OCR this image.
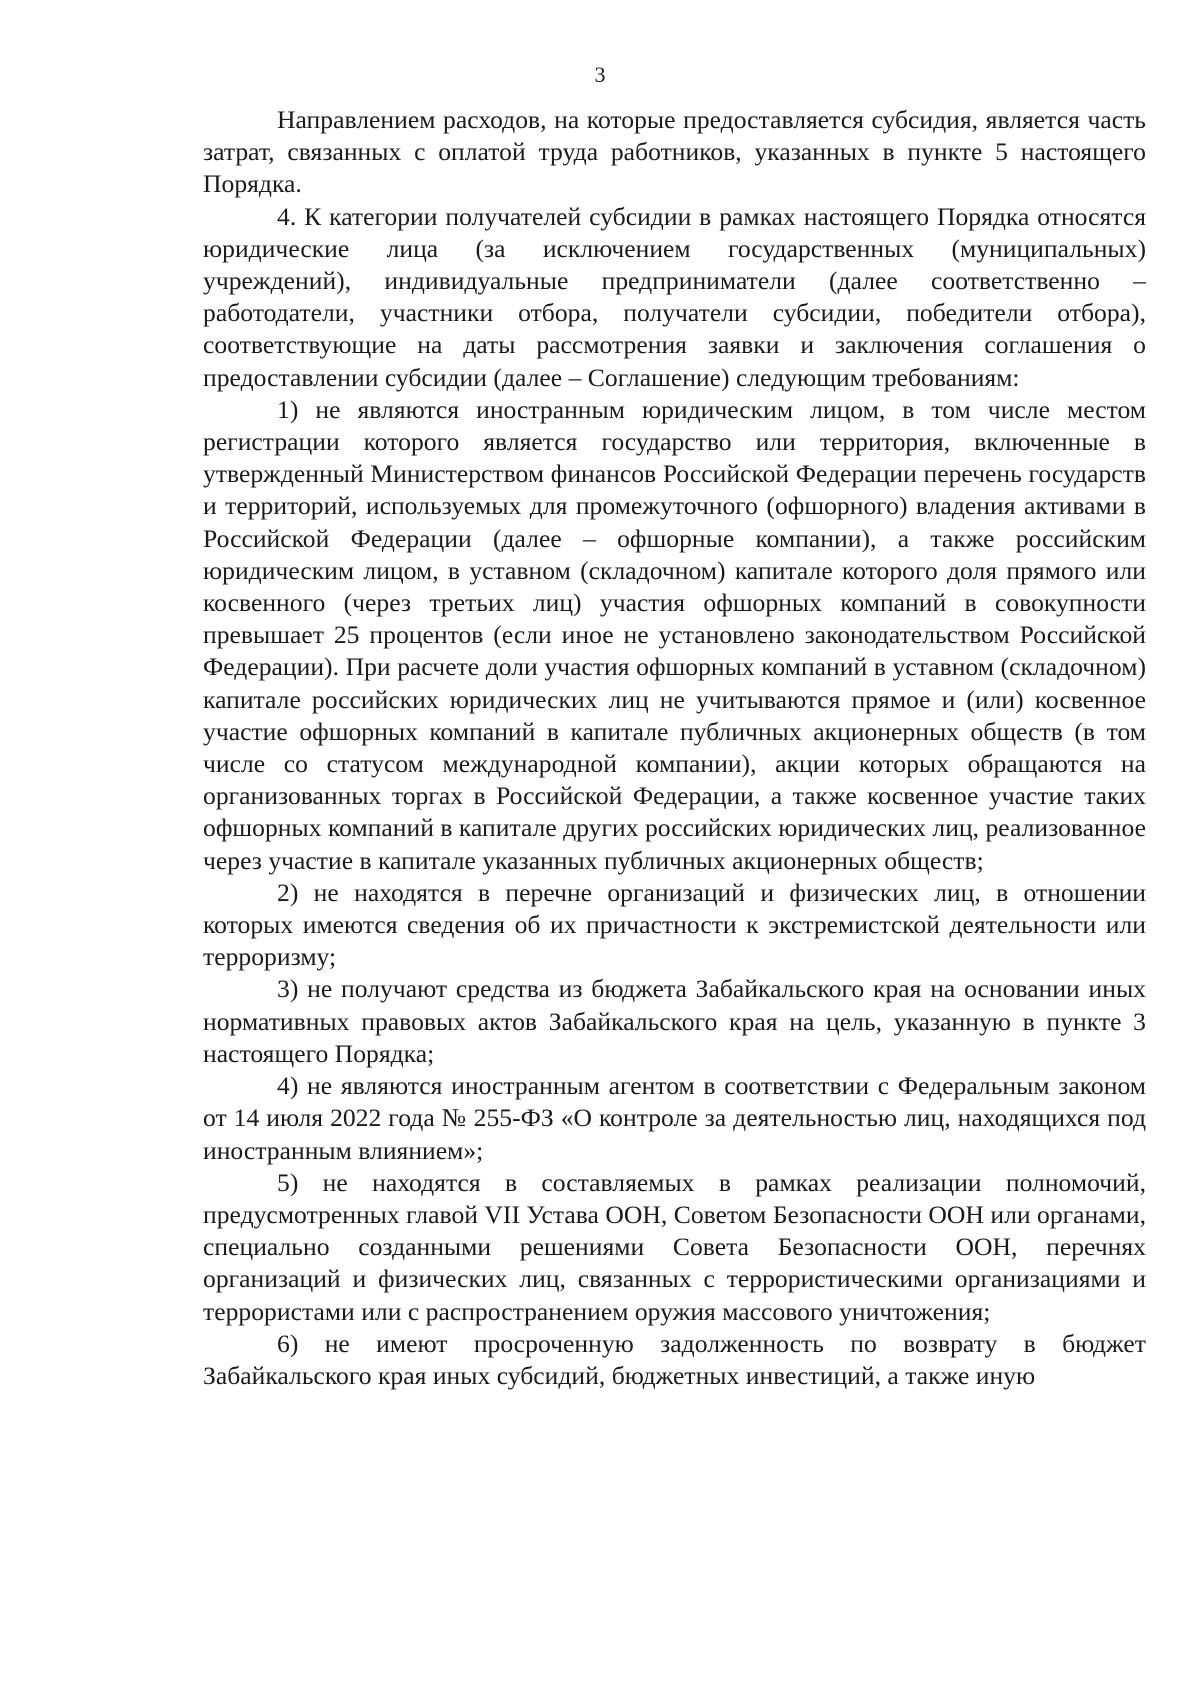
3

Направлением расходов, на которые предоставляется субсидия, является часть затрат, связанных с оплатой труда работников, указанных в пункте 5 настоящего Порядка.

4. К категории получателей субсидии в рамках настоящего Порядка относятся юридические лица (за исключением государственных (муниципальных) учреждений), индивидуальные предприниматели (далее соответственно – работодатели, участники отбора, получатели субсидии, победители отбора), соответствующие на даты рассмотрения заявки и заключения соглашения о предоставлении субсидии (далее – Соглашение) следующим требованиям:

1) не являются иностранным юридическим лицом, в том числе местом регистрации которого является государство или территория, включенные в утвержденный Министерством финансов Российской Федерации перечень государств и территорий, используемых для промежуточного (офшорного) владения активами в Российской Федерации (далее – офшорные компании), а также российским юридическим лицом, в уставном (складочном) капитале которого доля прямого или косвенного (через третьих лиц) участия офшорных компаний в совокупности превышает 25 процентов (если иное не установлено законодательством Российской Федерации). При расчете доли участия офшорных компаний в уставном (складочном) капитале российских юридических лиц не учитываются прямое и (или) косвенное участие офшорных компаний в капитале публичных акционерных обществ (в том числе со статусом международной компании), акции которых обращаются на организованных торгах в Российской Федерации, а также косвенное участие таких офшорных компаний в капитале других российских юридических лиц, реализованное через участие в капитале указанных публичных акционерных обществ;

2) не находятся в перечне организаций и физических лиц, в отношении которых имеются сведения об их причастности к экстремистской деятельности или терроризму;

3) не получают средства из бюджета Забайкальского края на основании иных нормативных правовых актов Забайкальского края на цель, указанную в пункте 3 настоящего Порядка;

4) не являются иностранным агентом в соответствии с Федеральным законом от 14 июля 2022 года № 255-ФЗ «О контроле за деятельностью лиц, находящихся под иностранным влиянием»;

5) не находятся в составляемых в рамках реализации полномочий, предусмотренных главой VII Устава ООН, Советом Безопасности ООН или органами, специально созданными решениями Совета Безопасности ООН, перечнях организаций и физических лиц, связанных с террористическими организациями и террористами или с распространением оружия массового уничтожения;

6) не имеют просроченную задолженность по возврату в бюджет Забайкальского края иных субсидий, бюджетных инвестиций, а также иную
